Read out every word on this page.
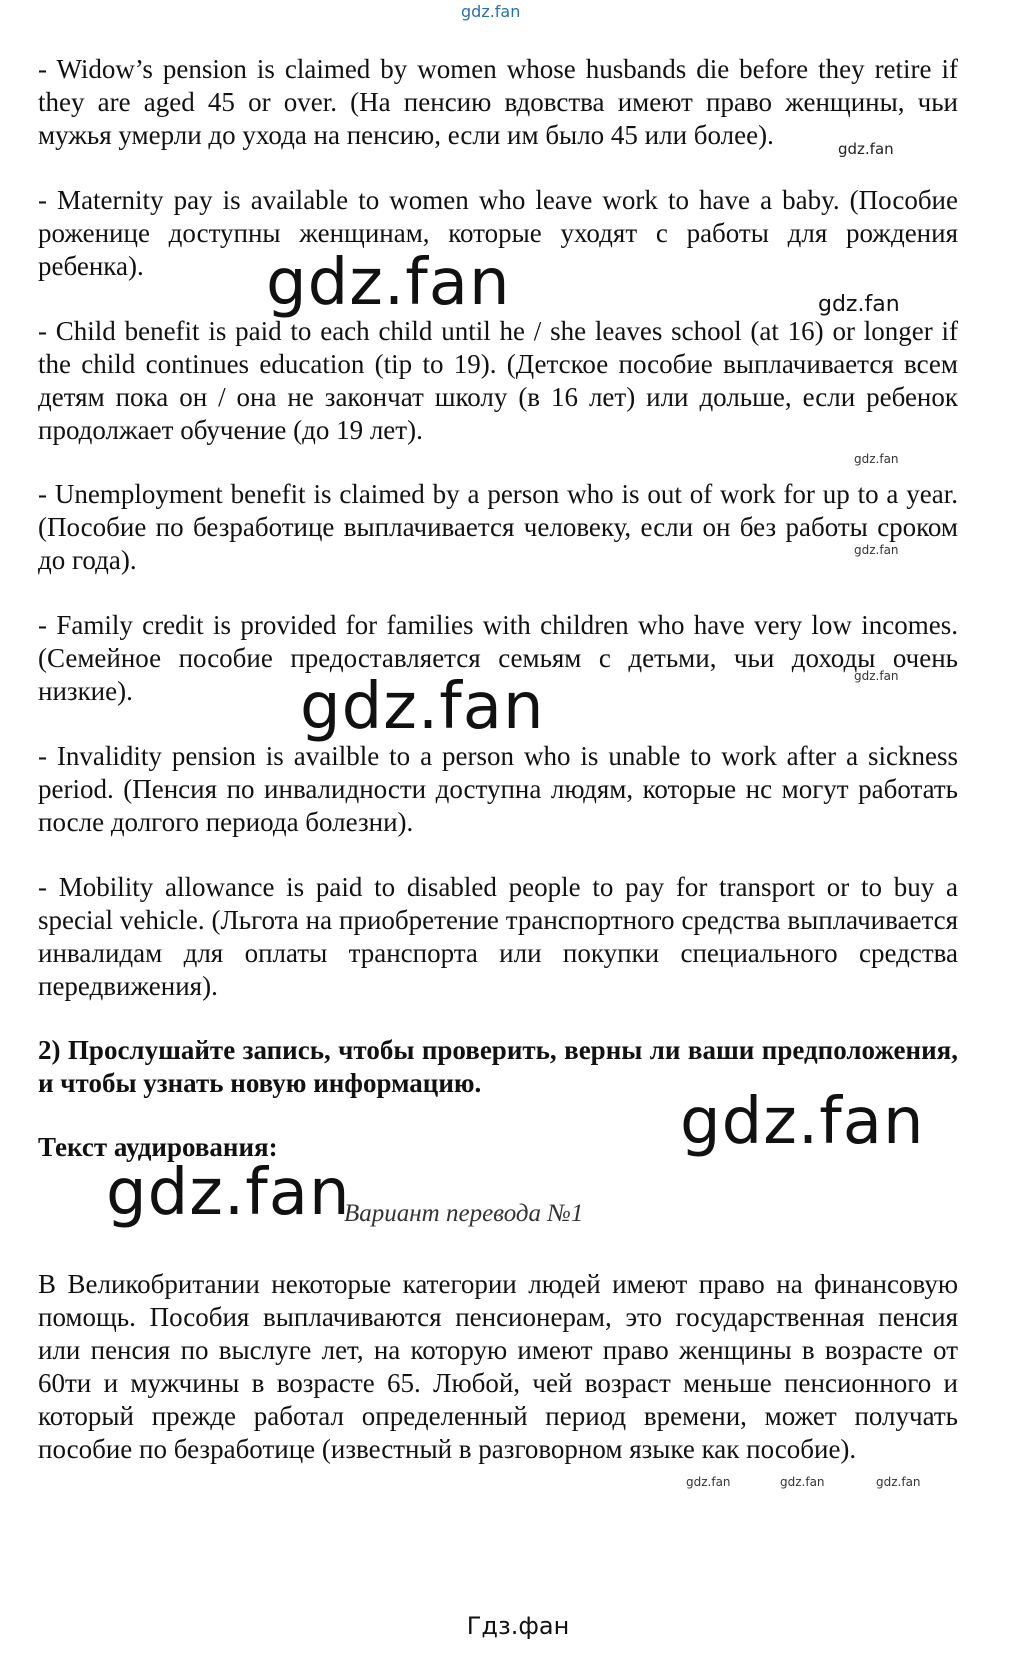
gdz.fan

- Widow’s pension is claimed by women whose husbands die before they retire if they are aged 45 or over. (На пенсию вдовства имеют право женщины, чьи мужья умерли до ухода на пенсию, если им было 45 или более).

- Maternity pay is available to women who leave work to have a baby. (Пособие роженице доступны женщинам, которые уходят с работы для рождения ребенка).

- Child benefit is paid to each child until he / she leaves school (at 16) or longer if the child continues education (tip to 19). (Детское пособие выплачивается всем детям пока он / она не закончат школу (в 16 лет) или дольше, если ребенок продолжает обучение (до 19 лет).

- Unemployment benefit is claimed by a person who is out of work for up to a year. (Пособие по безработице выплачивается человеку, если он без работы сроком до года).

- Family credit is provided for families with children who have very low incomes. (Семейное пособие предоставляется семьям с детьми, чьи доходы очень низкие).

- Invalidity pension is availble to a person who is unable to work after a sickness period. (Пенсия по инвалидности доступна людям, которые нс могут работать после долгого периода болезни).

- Mobility allowance is paid to disabled people to pay for transport or to buy a special vehicle. (Льгота на приобретение транспортного средства выплачивается инвалидам для оплаты транспорта или покупки специального средства передвижения).

2) Прослушайте запись, чтобы проверить, верны ли ваши предположения, и чтобы узнать новую информацию.

Текст аудирования:

Вариант перевода №1

В Великобритании некоторые категории людей имеют право на финансовую помощь. Пособия выплачиваются пенсионерам, это государственная пенсия или пенсия по выслуге лет, на которую имеют право женщины в возрасте от 60ти и мужчины в возрасте 65. Любой, чей возраст меньше пенсионного и который прежде работал определенный период времени, может получать пособие по безработице (известный в разговорном языке как пособие).

gdz.fan
gdz.fan	gdz.fan
gdz.fan
gdz.fan
gdz.fan
gdz.fan
gdz.fan
gdz.fan
gdz.fan	gdz.fan	gdz.fan
Гдз.фан
